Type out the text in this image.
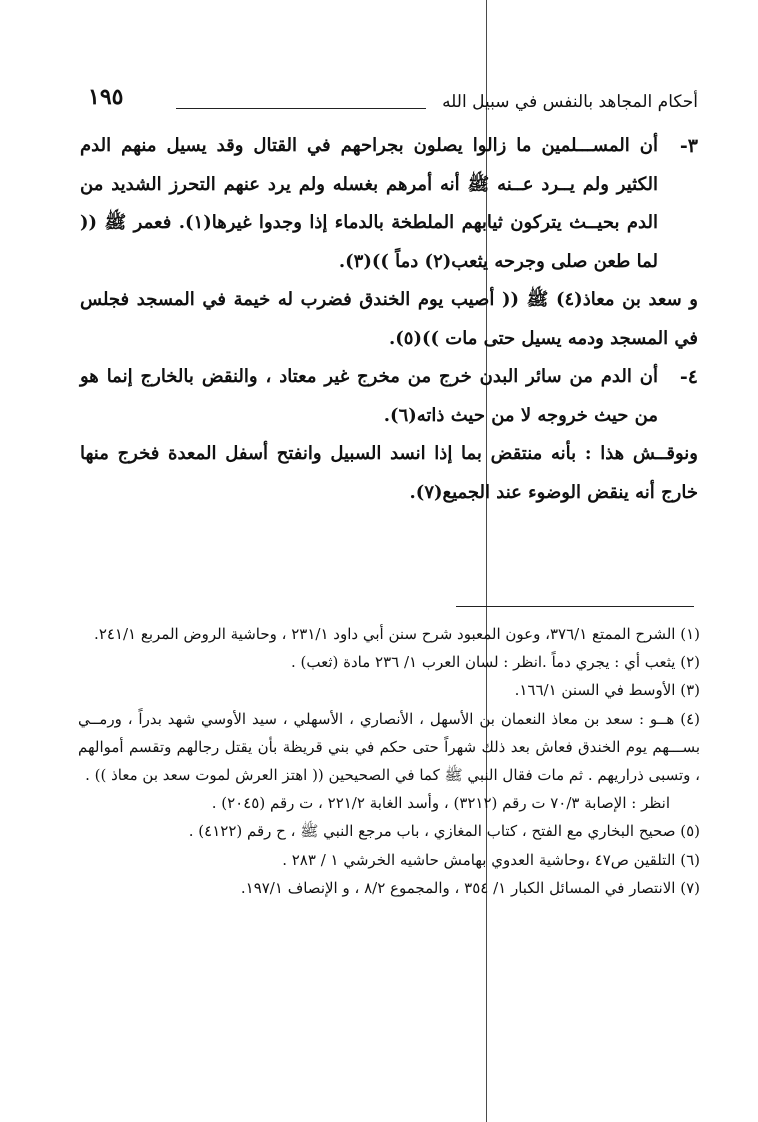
أحكام المجاهد بالنفس في سبيل الله
١٩٥
٣-
أن المســـلمين ما زالوا يصلون بجراحهم في القتال وقد يسيل منهم الدم الكثير ولم يــرد عــنه ﷺ أنه أمرهم بغسله ولم يرد عنهم التحرز الشديد من الدم بحيــث يتركون ثيابهم الملطخة بالدماء إذا وجدوا غيرها(١). فعمر ﷺ (( لما طعن صلى وجرحه يثعب(٢) دماً ))(٣).
و سعد بن معاذ(٤) ﷺ (( أصيب يوم الخندق فضرب له خيمة في المسجد فجلس في المسجد ودمه يسيل حتى مات ))(٥).
٤-
أن الدم من سائر البدن خرج من مخرج غير معتاد ، والنقض بالخارج إنما هو من حيث خروجه لا من حيث ذاته(٦).
ونوقــش هذا : بأنه منتقض بما إذا انسد السبيل وانفتح أسفل المعدة فخرج منها خارج أنه ينقض الوضوء عند الجميع(٧).
(١) الشرح الممتع ٣٧٦/١، وعون المعبود شرح سنن أبي داود ٢٣١/١ ، وحاشية الروض المربع ٢٤١/١.
(٢) يثعب أي : يجري دماً .انظر : لسان العرب ١/ ٢٣٦ مادة (ثعب) .
(٣) الأوسط في السنن ١٦٦/١.
(٤) هــو : سعد بن معاذ النعمان بن الأسهل ، الأنصاري ، الأسهلي ، سيد الأوسي شهد بدراً ، ورمــي بســـهم يوم الخندق فعاش بعد ذلك شهراً حتى حكم في بني قريظة بأن يقتل رجالهم وتقسم أموالهم ، وتسبى ذراريهم . ثم مات فقال النبي ﷺ كما في الصحيحين (( اهتز العرش لموت سعد بن معاذ )) .
انظر : الإصابة ٧٠/٣ ت رقم (٣٢١٢) ، وأسد الغابة ٢٢١/٢ ، ت رقم (٢٠٤٥) .
(٥) صحيح البخاري مع الفتح ، كتاب المغازي ، باب مرجع النبي ﷺ ، ح رقم (٤١٢٢) .
(٦) التلقين ص٤٧ ،وحاشية العدوي بهامش حاشيه الخرشي ١ / ٢٨٣ .
(٧) الانتصار في المسائل الكبار ١/ ٣٥٤ ، والمجموع ٨/٢ ، و الإنصاف ١٩٧/١.
